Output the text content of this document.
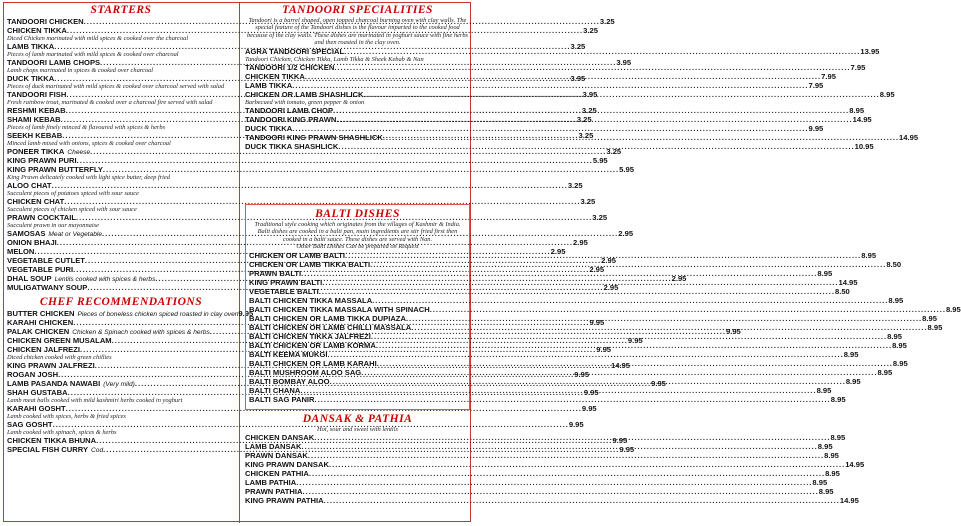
STARTERS
TANDOORI CHICKEN .....	3.25
CHICKEN TIKKA .....	3.25
Diced Chicken marinated with mild spices & cooked over the charcoal
LAMB TIKKA .....	3.25
Pieces of lamb marinated with mild spices & cooked over charcoal
TANDOORI LAMB CHOPS .....	3.95
Lamb chops marinated in spices & cooked over charcoal
DUCK TIKKA .....	3.95
Pieces of duck marinated with mild spices & cooked over charcoal served with salad
TANDOORI FISH .....	3.95
Fresh rainbow trout, marinated & cooked over a charcoal fire served with salad
RESHMI KEBAB .....	3.25
SHAMI KEBAB .....	3.25
Pieces of lamb finely minced & flavoured with spices & herbs
SEEKH KEBAB .....	3.25
Minced lamb mixed with onions, spices & cooked over charcoal
PONEER TIKKA Cheese .....	3.25
KING PRAWN PURI .....	5.95
KING PRAWN BUTTERFLY .....	5.95
King Prawn delicately cooked with light spice butter, deep fried
ALOO CHAT .....	3.25
Succulent pieces of potatoes spiced with sour sauce
CHICKEN CHAT .....	3.25
Succulent pieces of chicken spiced with sour sauce
PRAWN COCKTAIL .....	3.25
Succulent prawn in our mayonnaise
SAMOSAS Meat or Vegetable .....	2.95
ONION BHAJI .....	2.95
MELON .....	2.95
VEGETABLE CUTLET .....	2.95
VEGETABLE PURI .....	2.95
DHAL SOUP Lentils cooked with spices & herbs .....	2.95
MULIGATWANY SOUP .....	2.95
CHEF RECOMMENDATIONS
BUTTER CHICKEN Pieces of boneless chicken spiced roasted in clay oven 9.95
KARAHI CHICKEN .....	9.95
PALAK CHICKEN Chicken & Spinach cooked with spices & herbs .....	9.95
CHICKEN GREEN MUSALAM .....	9.95
CHICKEN JALFREZI .....	9.95
Diced chicken cooked with green chillies
KING PRAWN JALFREZI .....	14.95
ROGAN JOSH .....	9.95
LAMB PASANDA NAWABI (Very mild) .....	9.95
SHAH GUSTABA .....	9.95
Lamb meat balls cooked with mild kashmiri herbs cooked in yoghurt
KARAHI GOSHT .....	9.95
Lamb cooked with spices, herbs & fried spices
SAG GOSHT .....	9.95
Lamb cooked with spinach, spices & herbs
CHICKEN TIKKA BHUNA .....	9.95
SPECIAL FISH CURRY Cod .....	9.95
TANDOORI SPECIALITIES
Tandoori is a barrel shaped, open topped charcoal burning oven with clay walls. The special feature of the Tandoori dishes is the flavour imparted to the cooked food because of the clay walls. These dishes are marinated in yoghurt sauce with fine herbs and then roasted in the clay oven.
AGRA TANDOORI SPECIAL .....	13.95
Tandoori Chicken, Chicken Tikka, Lamb Tikka & Sheek Kebab & Nan
TANDOORI 1/2 CHICKEN .....	7.95
CHICKEN TIKKA .....	7.95
LAMB TIKKA .....	7.95
CHICKEN OR LAMB SHASHLICK .....	8.95
Barbecued with tomato, green pepper & onion
TANDOORI LAMB CHOP .....	8.95
TANDOORI KING PRAWN .....	14.95
DUCK TIKKA .....	9.95
TANDOORI KING PRAWN SHASHLICK .....	14.95
DUCK TIKKA SHASHLICK .....	10.95
BALTI DISHES
Traditional style cooking which originates from the villages of Kashmir & India. Balti dishes are cooked in a balti pan, main ingredients are stir fried first then cooked in a balti sauce. These dishes are served with Nan.
Other Balti Dishes Can be prepared on Request
CHICKEN OR LAMB BALTI .....	8.95
CHICKEN OR LAMB TIKKA BALTI .....	8.50
PRAWN BALTI .....	8.95
KING PRAWN BALTI .....	14.95
VEGETABLE BALTI .....	8.50
BALTI CHICKEN TIKKA MASSALA .....	8.95
BALTI CHICKEN TIKKA MASSALA WITH SPINACH .....	8.95
BALTI CHICKEN OR LAMB TIKKA DUPIAZA .....	8.95
BALTI CHICKEN OR LAMB CHILLI MASSALA .....	8.95
BALTI CHICKEN TIKKA JALFREZI .....	8.95
BALTI CHICKEN OR LAMB KORMA .....	8.95
BALTI KEEMA MUKGI .....	8.95
BALTI CHICKEN OR LAMB KARAHI .....	8.95
BALTI MUSHROOM ALOO SAG .....	8.95
BALTI BOMBAY ALOO .....	8.95
BALTI CHANA .....	8.95
BALTI SAG PANIR .....	8.95
DANSAK & PATHIA
Hot, sour and sweet with lentils
CHICKEN DANSAK .....	8.95
LAMB DANSAK .....	8.95
PRAWN DANSAK .....	8.95
KING PRAWN DANSAK .....	14.95
CHICKEN PATHIA .....	8.95
LAMB PATHIA .....	8.95
PRAWN PATHIA .....	8.95
KING PRAWN PATHIA .....	14.95
